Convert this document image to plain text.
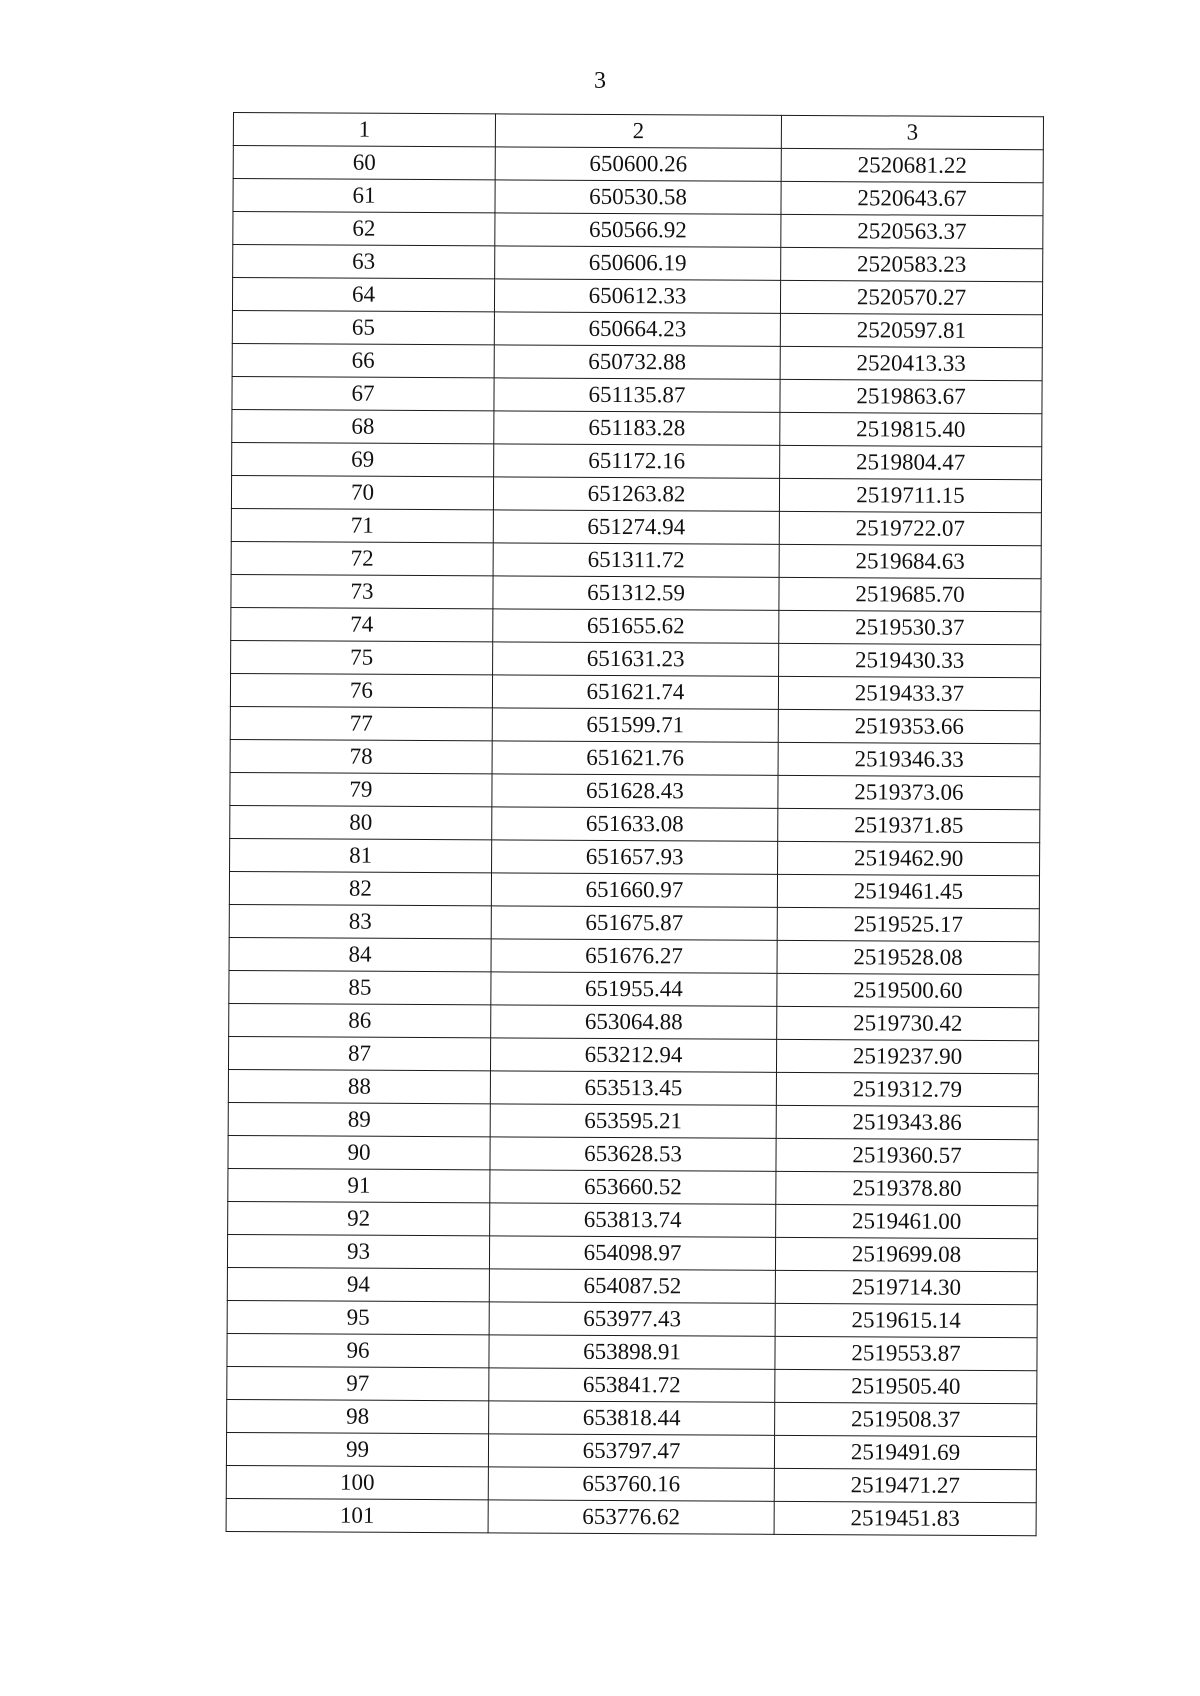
3
1	2	3
60	650600.26	2520681.22
61	650530.58	2520643.67
62	650566.92	2520563.37
63	650606.19	2520583.23
64	650612.33	2520570.27
65	650664.23	2520597.81
66	650732.88	2520413.33
67	651135.87	2519863.67
68	651183.28	2519815.40
69	651172.16	2519804.47
70	651263.82	2519711.15
71	651274.94	2519722.07
72	651311.72	2519684.63
73	651312.59	2519685.70
74	651655.62	2519530.37
75	651631.23	2519430.33
76	651621.74	2519433.37
77	651599.71	2519353.66
78	651621.76	2519346.33
79	651628.43	2519373.06
80	651633.08	2519371.85
81	651657.93	2519462.90
82	651660.97	2519461.45
83	651675.87	2519525.17
84	651676.27	2519528.08
85	651955.44	2519500.60
86	653064.88	2519730.42
87	653212.94	2519237.90
88	653513.45	2519312.79
89	653595.21	2519343.86
90	653628.53	2519360.57
91	653660.52	2519378.80
92	653813.74	2519461.00
93	654098.97	2519699.08
94	654087.52	2519714.30
95	653977.43	2519615.14
96	653898.91	2519553.87
97	653841.72	2519505.40
98	653818.44	2519508.37
99	653797.47	2519491.69
100	653760.16	2519471.27
101	653776.62	2519451.83
